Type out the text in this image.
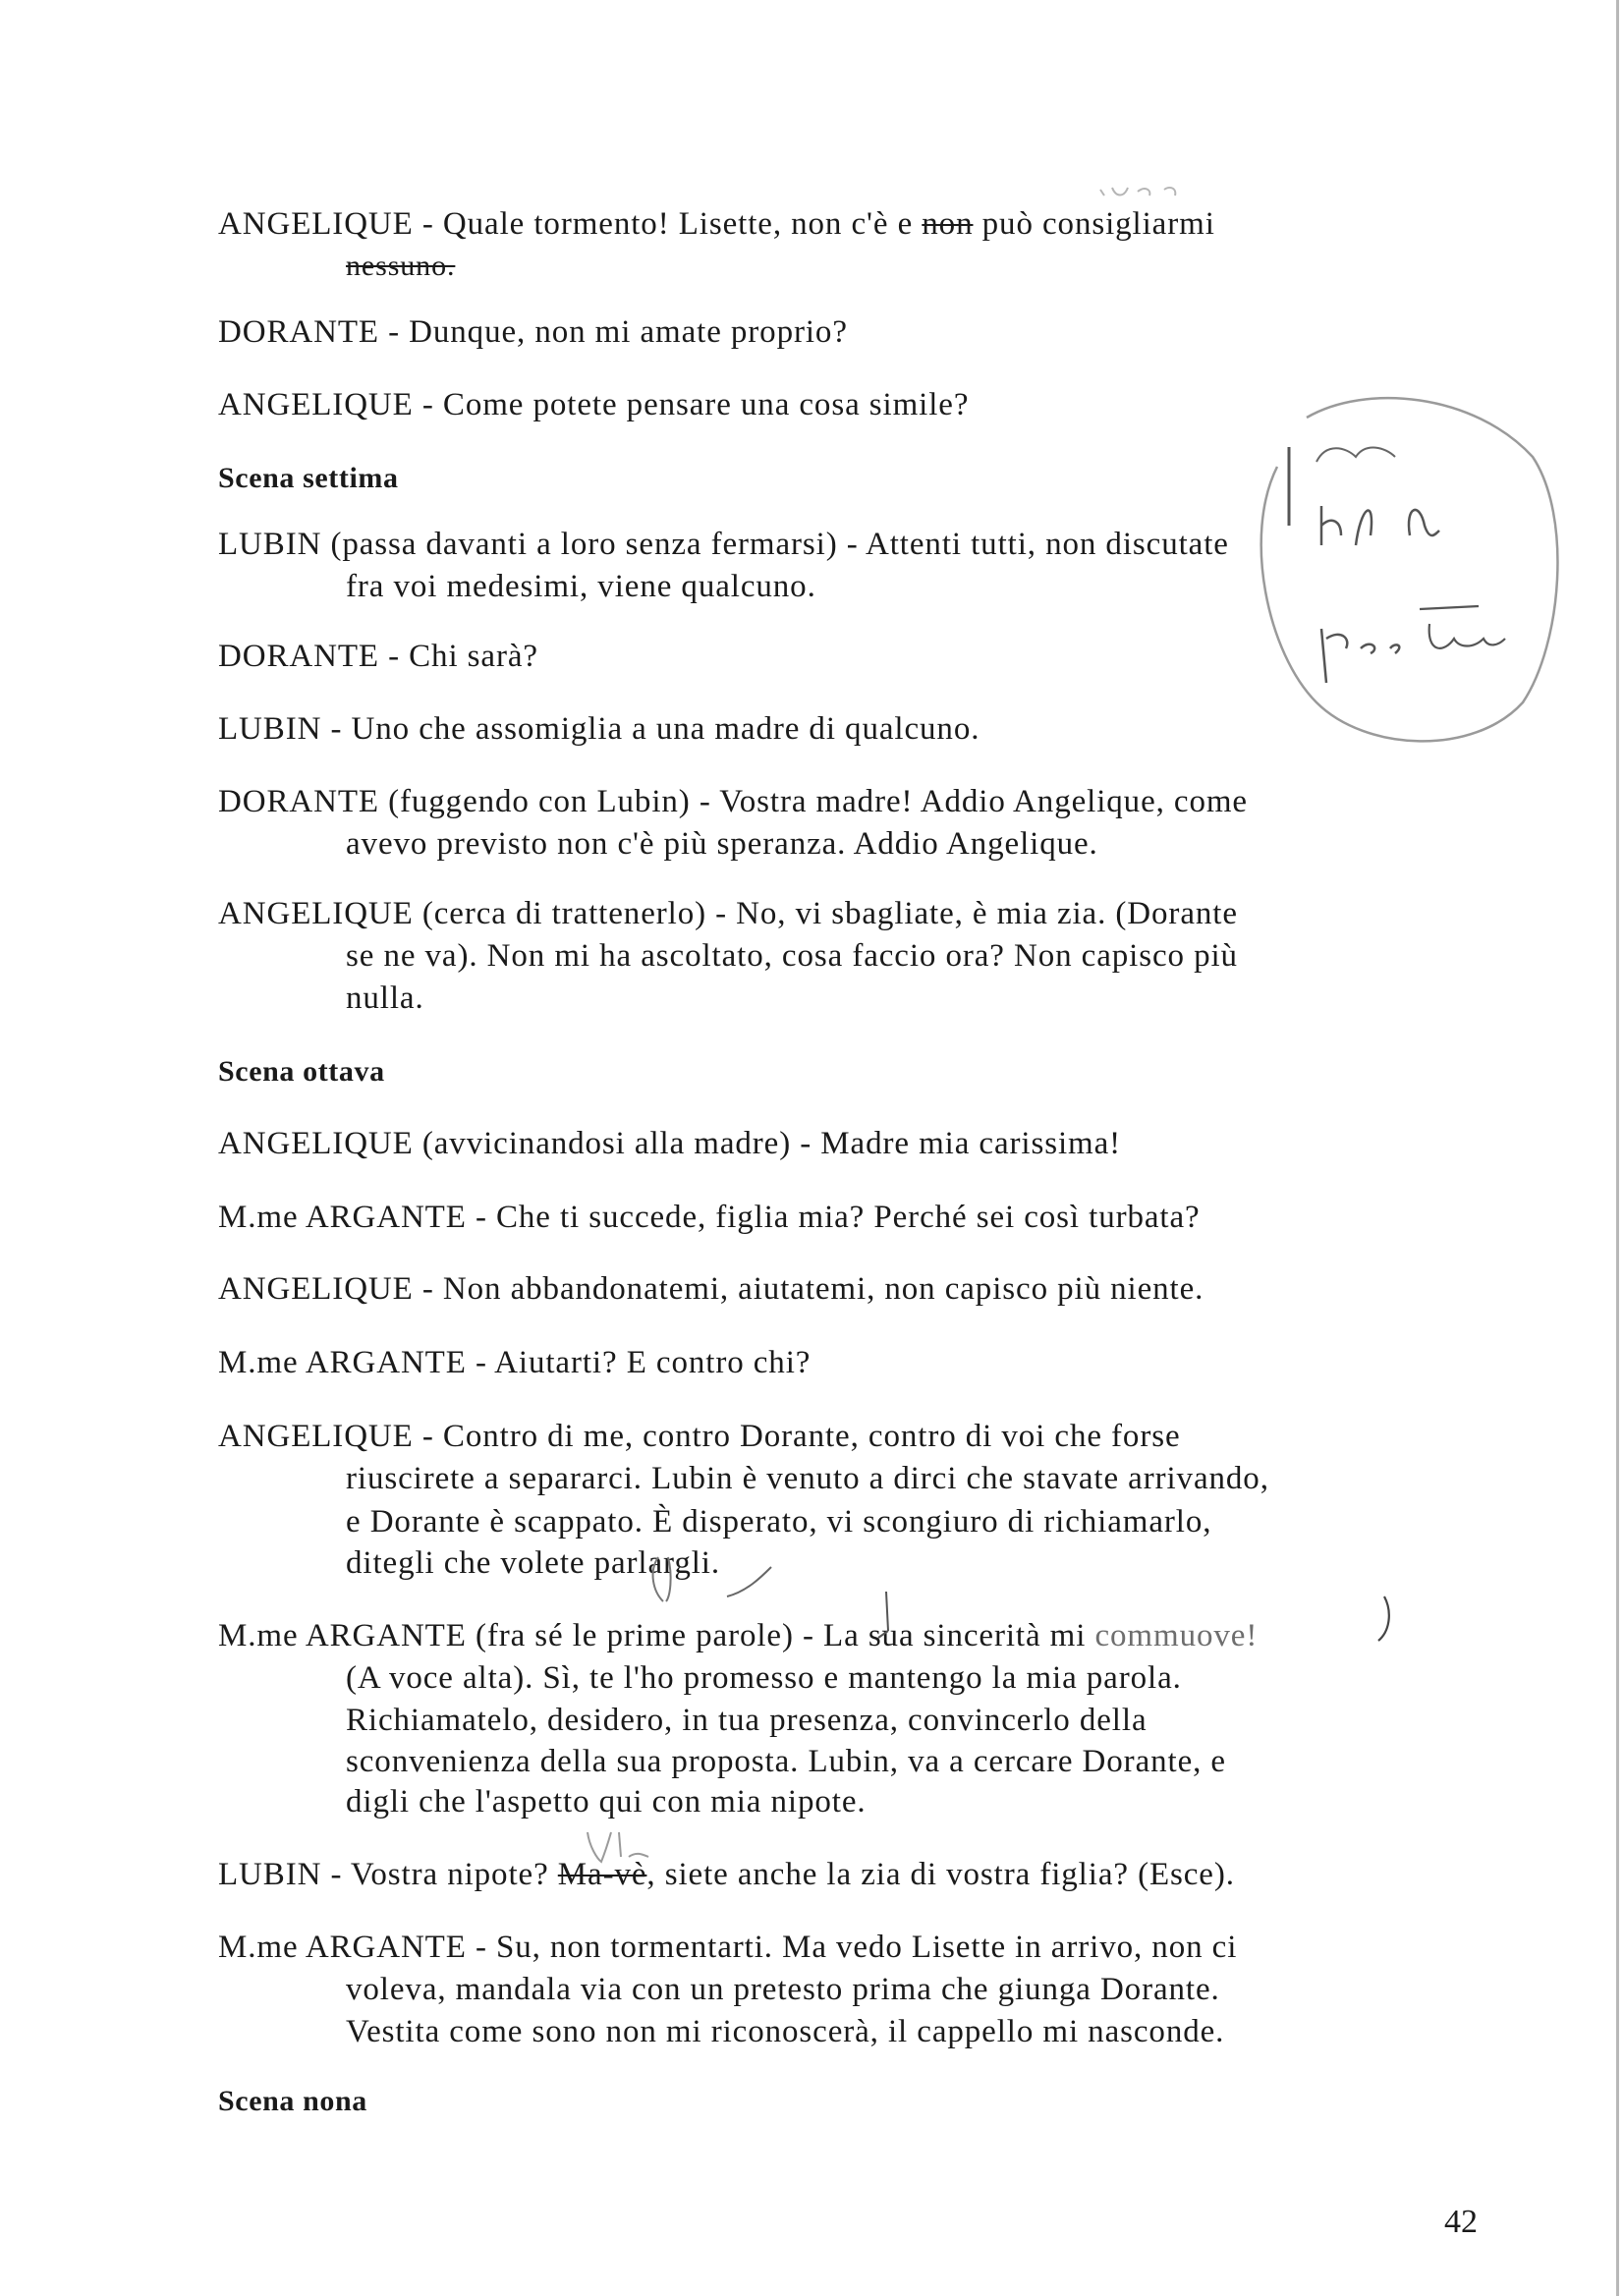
ANGELIQUE - Quale tormento! Lisette, non c'è e non può consigliarmi
nessuno.
DORANTE - Dunque, non mi amate proprio?
ANGELIQUE - Come potete pensare una cosa simile?
Scena settima
LUBIN (passa davanti a loro senza fermarsi) - Attenti tutti, non discutate
fra voi medesimi, viene qualcuno.
DORANTE - Chi sarà?
LUBIN - Uno che assomiglia a una madre di qualcuno.
DORANTE (fuggendo con Lubin) - Vostra madre! Addio Angelique, come
avevo previsto non c'è più speranza. Addio Angelique.
ANGELIQUE (cerca di trattenerlo) - No, vi sbagliate, è mia zia. (Dorante
se ne va). Non mi ha ascoltato, cosa faccio ora? Non capisco più
nulla.
Scena ottava
ANGELIQUE (avvicinandosi alla madre) - Madre mia carissima!
M.me ARGANTE - Che ti succede, figlia mia? Perché sei così turbata?
ANGELIQUE - Non abbandonatemi, aiutatemi, non capisco più niente.
M.me ARGANTE - Aiutarti? E contro chi?
ANGELIQUE - Contro di me, contro Dorante, contro di voi che forse
riuscirete a separarci. Lubin è venuto a dirci che stavate arrivando,
e Dorante è scappato. È disperato, vi scongiuro di richiamarlo,
ditegli che volete parlargli.
M.me ARGANTE (fra sé le prime parole) - La sua sincerità mi commuove!
(A voce alta). Sì, te l'ho promesso e mantengo la mia parola.
Richiamatelo, desidero, in tua presenza, convincerlo della
sconvenienza della sua proposta. Lubin, va a cercare Dorante, e
digli che l'aspetto qui con mia nipote.
LUBIN - Vostra nipote? Ma-vè, siete anche la zia di vostra figlia? (Esce).
M.me ARGANTE - Su, non tormentarti. Ma vedo Lisette in arrivo, non ci
voleva, mandala via con un pretesto prima che giunga Dorante.
Vestita come sono non mi riconoscerà, il cappello mi nasconde.
Scena nona
42
